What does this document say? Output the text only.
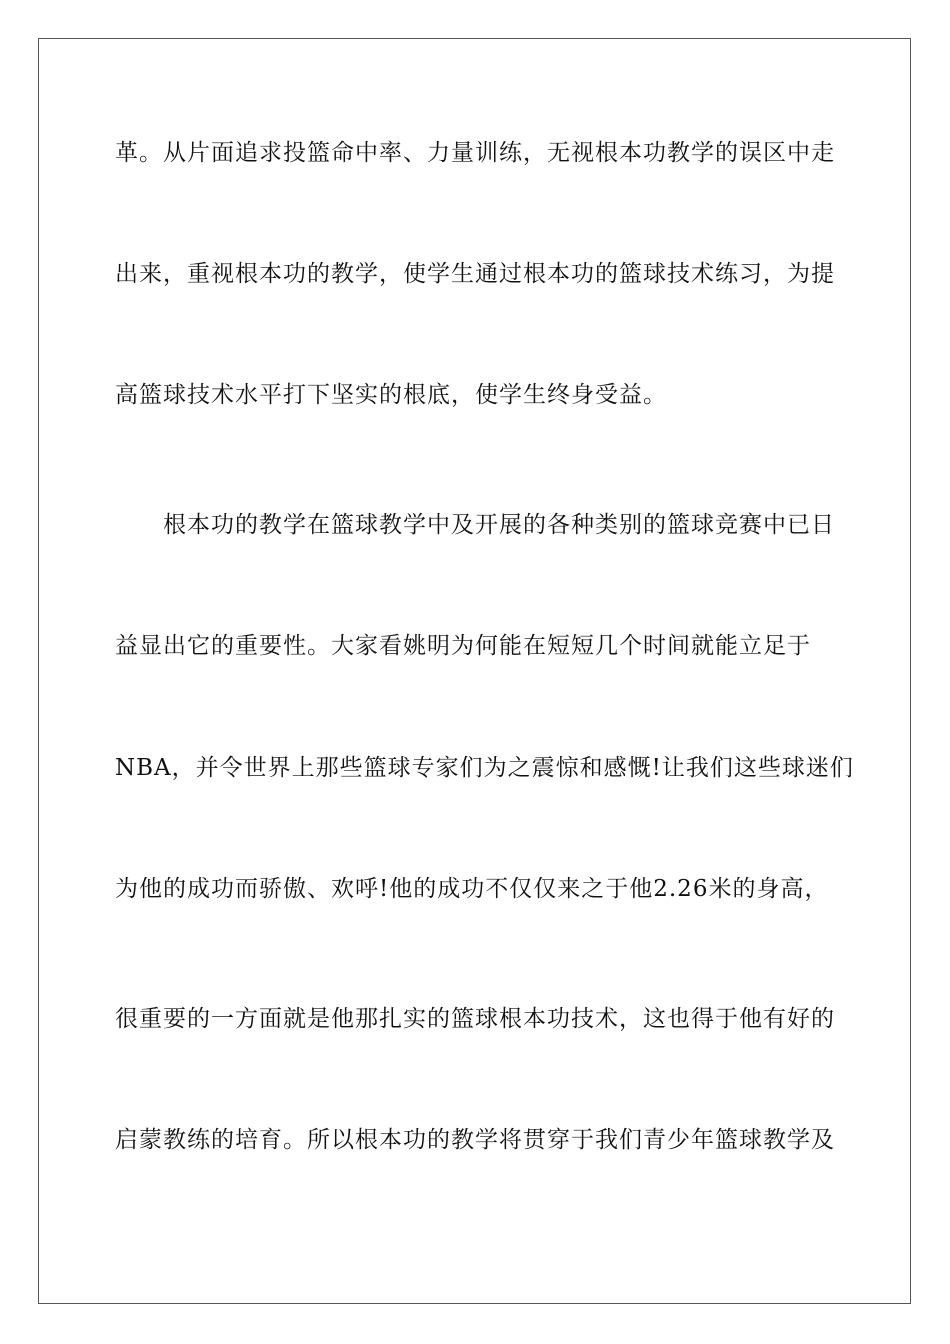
革。从片面追求投篮命中率、力量训练，无视根本功教学的误区中走
出来，重视根本功的教学，使学生通过根本功的篮球技术练习，为提
高篮球技术水平打下坚实的根底，使学生终身受益。
根本功的教学在篮球教学中及开展的各种类别的篮球竞赛中已日
益显出它的重要性。大家看姚明为何能在短短几个时间就能立足于
NBA，并令世界上那些篮球专家们为之震惊和感慨!让我们这些球迷们
为他的成功而骄傲、欢呼!他的成功不仅仅来之于他2.26米的身高，
很重要的一方面就是他那扎实的篮球根本功技术，这也得于他有好的
启蒙教练的培育。所以根本功的教学将贯穿于我们青少年篮球教学及
